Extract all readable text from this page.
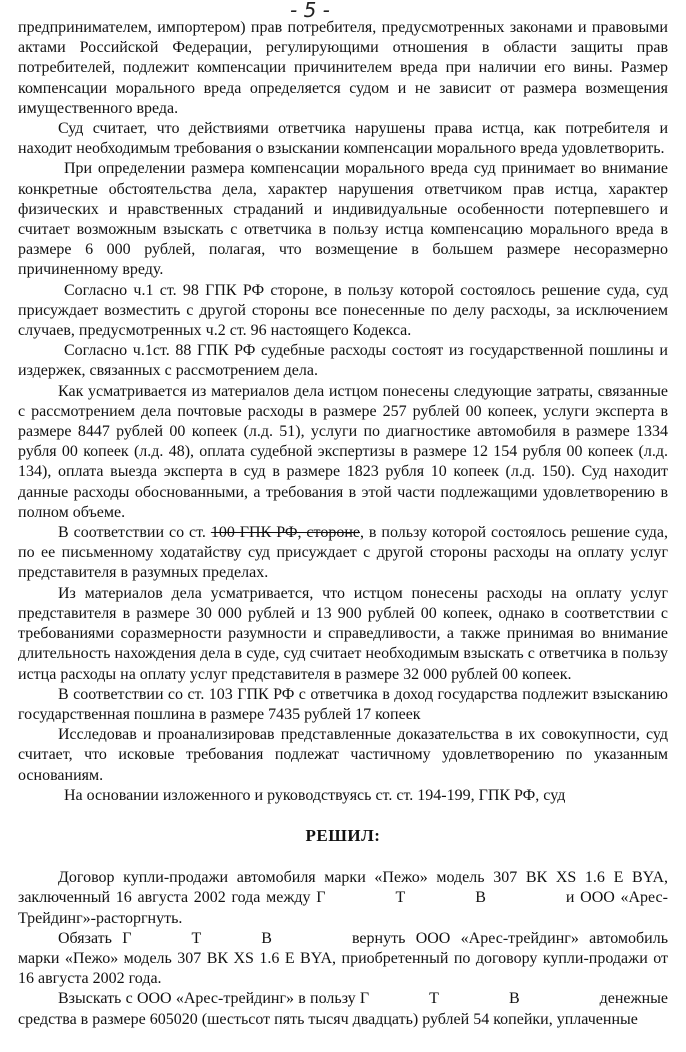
- 5 -

предпринимателем, импортером) прав потребителя, предусмотренных законами и правовыми актами Российской Федерации, регулирующими отношения в области защиты прав потребителей, подлежит компенсации причинителем вреда при наличии его вины. Размер компенсации морального вреда определяется судом и не зависит от размера возмещения имущественного вреда.

Суд считает, что действиями ответчика нарушены права истца, как потребителя и находит необходимым требования о взыскании компенсации морального вреда удовлетворить.

При определении размера компенсации морального вреда суд принимает во внимание конкретные обстоятельства дела, характер нарушения ответчиком прав истца, характер физических и нравственных страданий и индивидуальные особенности потерпевшего и считает возможным взыскать с ответчика в пользу истца компенсацию морального вреда в размере 6 000 рублей, полагая, что возмещение в большем размере несоразмерно причиненному вреду.

Согласно ч.1 ст. 98 ГПК РФ стороне, в пользу которой состоялось решение суда, суд присуждает возместить с другой стороны все понесенные по делу расходы, за исключением случаев, предусмотренных ч.2 ст. 96 настоящего Кодекса.

Согласно ч.1ст. 88 ГПК РФ судебные расходы состоят из государственной пошлины и издержек, связанных с рассмотрением дела.

Как усматривается из материалов дела истцом понесены следующие затраты, связанные с рассмотрением дела почтовые расходы в размере 257 рублей 00 копеек, услуги эксперта в размере 8447 рублей 00 копеек (л.д. 51), услуги по диагностике автомобиля в размере 1334 рубля 00 копеек (л.д. 48), оплата судебной экспертизы в размере 12 154 рубля 00 копеек (л.д. 134), оплата выезда эксперта в суд в размере 1823 рубля 10 копеек (л.д. 150). Суд находит данные расходы обоснованными, а требования в этой части подлежащими удовлетворению в полном объеме.

В соответствии со ст. 100 ГПК РФ, стороне, в пользу которой состоялось решение суда, по ее письменному ходатайству суд присуждает с другой стороны расходы на оплату услуг представителя в разумных пределах.

Из материалов дела усматривается, что истцом понесены расходы на оплату услуг представителя в размере 30 000 рублей и 13 900 рублей 00 копеек, однако в соответствии с требованиями соразмерности разумности и справедливости, а также принимая во внимание длительность нахождения дела в суде, суд считает необходимым взыскать с ответчика в пользу истца расходы на оплату услуг представителя в размере 32 000 рублей 00 копеек.

В соответствии со ст. 103 ГПК РФ с ответчика в доход государства подлежит взысканию государственная пошлина в размере 7435 рублей 17 копеек

Исследовав и проанализировав представленные доказательства в их совокупности, суд считает, что исковые требования подлежат частичному удовлетворению по указанным основаниям.

На основании изложенного и руководствуясь ст. ст. 194-199, ГПК РФ, суд

РЕШИЛ:

Договор купли-продажи автомобиля марки «Пежо» модель 307 ВК XS 1.6 E BYA, заключенный 16 августа 2002 года между Г	Т	В	и ООО «Арес-Трейдинг»-расторгнуть.

Обязать Г	Т	В	вернуть ООО «Арес-трейдинг» автомобиль марки «Пежо» модель 307 ВК XS 1.6 E BYA, приобретенный по договору купли-продажи от 16 августа 2002 года.

Взыскать с ООО «Арес-трейдинг» в пользу Г	Т	В	денежные средства в размере 605020 (шестьсот пять тысяч двадцать) рублей 54 копейки, уплаченные
